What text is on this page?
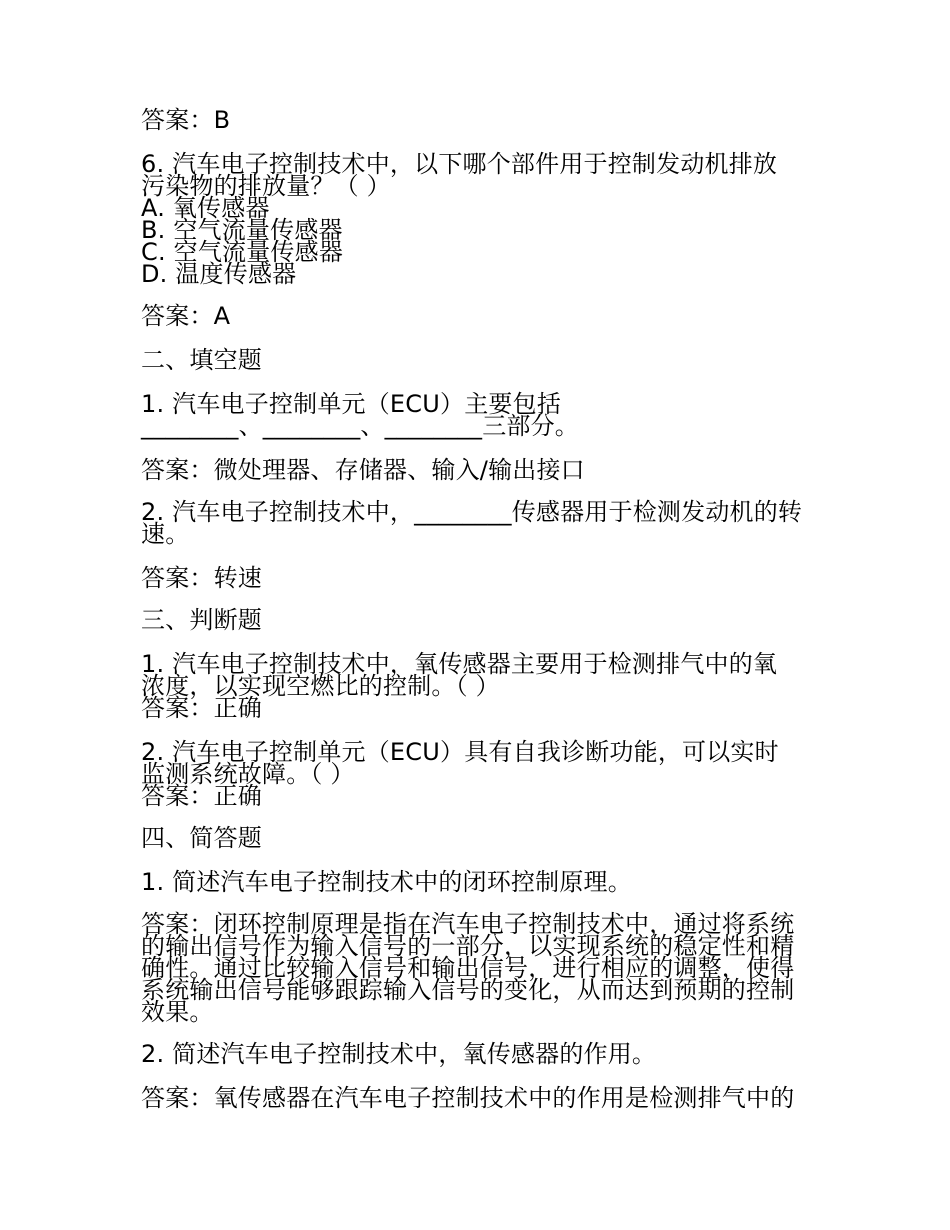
答案：B
6. 汽车电子控制技术中，以下哪个部件用于控制发动机排放
污染物的排放量？（ ）
A. 氧传感器
B. 空气流量传感器
C. 空气流量传感器
D. 温度传感器
答案：A
二、填空题
1. 汽车电子控制单元（ECU）主要包括
________、________、________三部分。
答案：微处理器、存储器、输入/输出接口
2. 汽车电子控制技术中，________传感器用于检测发动机的转
速。
答案：转速
三、判断题
1. 汽车电子控制技术中，氧传感器主要用于检测排气中的氧
浓度，以实现空燃比的控制。（ ）
答案：正确
2. 汽车电子控制单元（ECU）具有自我诊断功能，可以实时
监测系统故障。（ ）
答案：正确
四、简答题
1. 简述汽车电子控制技术中的闭环控制原理。
答案：闭环控制原理是指在汽车电子控制技术中，通过将系统
的输出信号作为输入信号的一部分，以实现系统的稳定性和精
确性。通过比较输入信号和输出信号，进行相应的调整，使得
系统输出信号能够跟踪输入信号的变化，从而达到预期的控制
效果。
2. 简述汽车电子控制技术中，氧传感器的作用。
答案：氧传感器在汽车电子控制技术中的作用是检测排气中的
